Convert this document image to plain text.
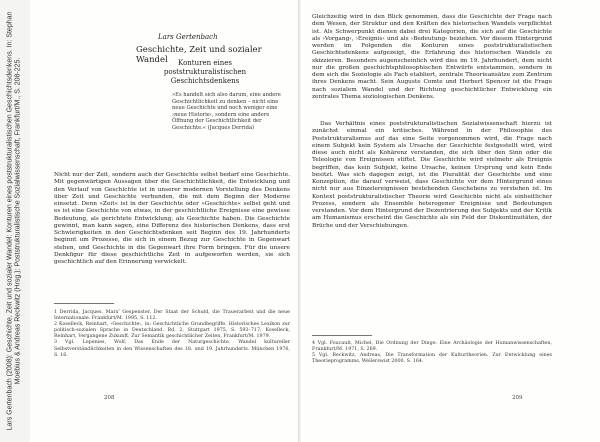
Lars Gertenbach (2008): Geschichte, Zeit und sozialer Wandel: Konturen eines poststrukturalistischen Geschichtsdenkens. In: Stephan Moebius & Andreas Reckwitz (Hrsg.): Poststrukturalistische Sozialwissenschaft, Frankfurt/M., S. 208-225.
Lars Gertenbach
Geschichte, Zeit und sozialer Wandel	Konturen eines poststrukturalistischen Geschichtsdenkens
»Es handelt sich also darum, eine andere Geschichtlichkeit zu denken – nicht eine neue Geschichte und noch weniger eine ›neue Historie‹, sondern eine andere Öffnung der Geschichtlichkeit der Geschichte.« (Jacques Derrida)

Nicht nur der Zeit, sondern auch der Geschichte selbst bedarf eine Geschichte. Mit gegenwärtigen Aussagen über die Geschichtlichkeit, die Entwicklung und den Verlauf von Geschichte ist in unserer modernen Vorstellung des Denkens über Zeit und Geschichte verbunden, die mit dem Beginn der Moderne einsetzt. Denn »Zeit« ist in der Geschichte oder »Geschichte« selbst geht und es ist eine Geschichte von etwas, in der geschichtliche Ereignisse eine gewisse Bedeutung, als gerichtete Entwicklung, als Geschichte haben. Die Geschichte gewinnt, man kann sagen, eine Differenz des historischen Denkens, dass erst Schwierigkeiten in den Geschichtsdenken seit Beginn des 19. Jahrhunderts beginnt um Prozesse, die sich in einem Bezug zur Geschichte in Gegenwart stehen, und Geschichte in die Gegenwart ihre Form bringen. Für die unsere Denkfigur für diese geschichtliche Zeit in aufgeworfen werden, sie sich geschichtlich auf den Erinnerung verwickelt.

1 Derrida, Jacques, Marx' Gespenster. Der Staat der Schuld, die Trauerarbeit und die neue Internationale. Frankfurt/M. 1995, S. 112.

2 Koselleck, Reinhart, ›Geschichte‹, in: Geschichtliche Grundbegriffe. Historisches Lexikon zur politisch-sozialen Sprache in Deutschland. Bd. 2, Stuttgart 1975, S. 593–717; Koselleck, Reinhart, Vergangene Zukunft. Zur Semantik geschichtlicher Zeiten, Frankfurt/M. 1979.

3 Vgl. Lepenies, Wolf, Das Ende der Naturgeschichte. Wandel kultureller Selbstverständlichkeiten in den Wissenschaften des 18. und 19. Jahrhunderts. München 1976, S. 16.

208

Gleichzeitig wird in den Blick genommen, dass die Geschichte der Frage nach dem Wesen, der Struktur und den Kräften des historischen Wandels verpflichtet ist. Als Schwerpunkt dienen dabei drei Kategorien, die sich auf die Geschichte als ›Vorgang‹, ›Ereignis‹ und als ›Bedeutung‹ beziehen. Vor diesem Hintergrund werden im Folgenden die Konturen eines poststrukturalistischen Geschichtsdenkens aufgezeigt, die Erfahrung des historischen Wandels zu skizzieren. Besonders augenscheinlich wird dies im 19. Jahrhundert, dem nicht nur die großen geschichtsphilosophischen Entwürfe entstammen, sondern in dem sich die Soziologie als Fach etabliert, zentrale Theorieansätze zum Zentrum ihres Denkens macht. Sein Auguste Comte und Herbert Spencer ist die Frage nach sozialem Wandel und der Richtung geschichtlicher Entwicklung ein zentrales Thema soziologischen Denkens.

Das Verhältnis eines poststrukturalistischen Sozialwissenschaft hierzu ist zunächst einmal ein kritisches. Während in der Philosophie des Poststrukturalismus auf das eine Seite vorgenommen wird, die Frage nach einem Subjekt kein System als Ursache der Geschichte festgestellt wird, wird diese auch nicht als Kohärenz verstanden, die sich über den Sinn oder die Teleologie von Ereignissen stiftet. Die Geschichte wird vielmehr als Ereignis begriffen, das kein Subjekt, keine Ursache, keinen Ursprung und kein Ende besitzt. Was sich dagegen zeigt, ist die Pluralität der Geschichte und eine Konzeption, die darauf verweist, dass Geschichte vor dem Hintergrund eines nicht nur aus Einzelereignissen bestehenden Geschehens zu verstehen ist. Im Kontext poststrukturalistischer Theorie wird Geschichte nicht als einheitlicher Prozess, sondern als Ensemble heterogener Ereignisse und Bedeutungen verstanden. Vor dem Hintergrund der Dezentrierung des Subjekts und der Kritik am Humanismus erscheint die Geschichte als ein Feld der Diskontinuitäten, der Brüche und der Verschiebungen.

4 Vgl. Foucault, Michel, Die Ordnung der Dinge. Eine Archäologie der Humanwissenschaften, Frankfurt/M. 1971, S. 269.

5 Vgl. Reckwitz, Andreas, Die Transformation der Kulturtheorien. Zur Entwicklung eines Theorieprogramms, Weilerswist 2000, S. 164.

209
